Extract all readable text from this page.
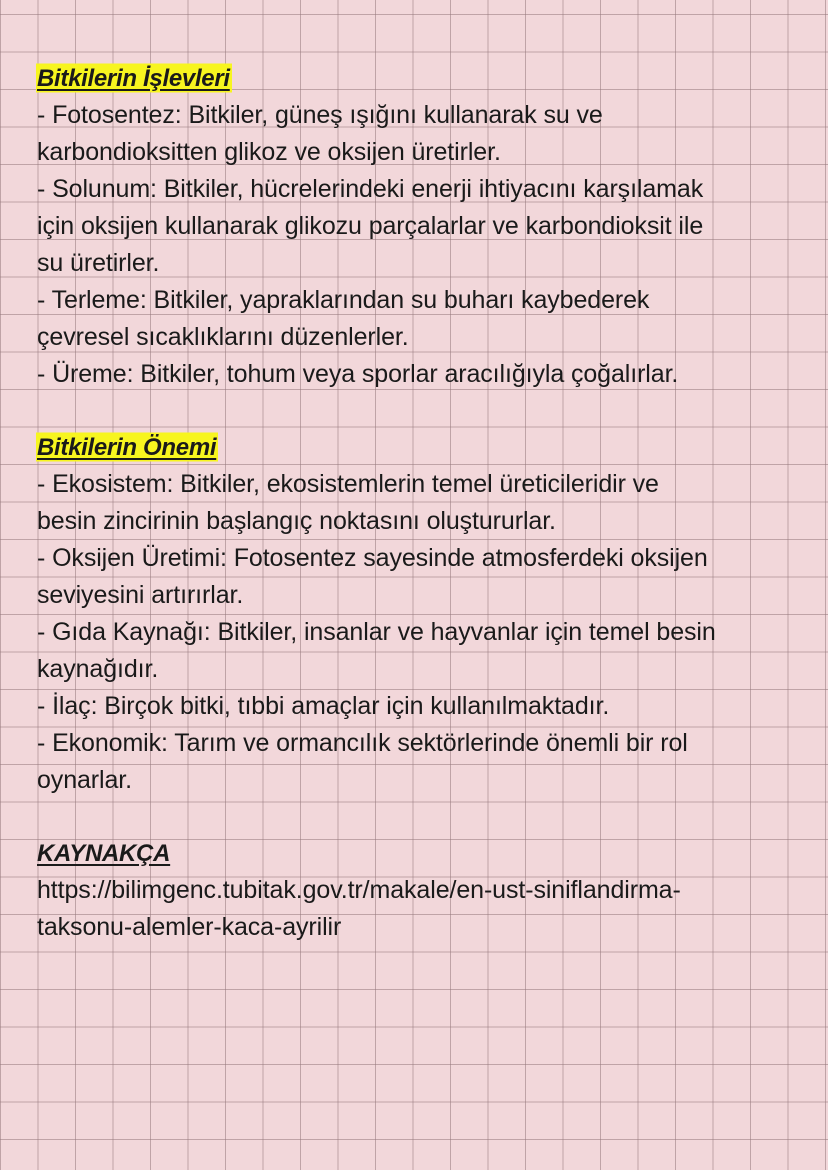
Bitkilerin İşlevleri
- Fotosentez: Bitkiler, güneş ışığını kullanarak su ve
karbondioksitten glikoz ve oksijen üretirler.
- Solunum: Bitkiler, hücrelerindeki enerji ihtiyacını karşılamak
için oksijen kullanarak glikozu parçalarlar ve karbondioksit ile
su üretirler.
- Terleme: Bitkiler, yapraklarından su buharı kaybederek
çevresel sıcaklıklarını düzenlerler.
- Üreme: Bitkiler, tohum veya sporlar aracılığıyla çoğalırlar.
Bitkilerin Önemi
- Ekosistem: Bitkiler, ekosistemlerin temel üreticileridir ve
besin zincirinin başlangıç noktasını oluştururlar.
- Oksijen Üretimi: Fotosentez sayesinde atmosferdeki oksijen
seviyesini artırırlar.
- Gıda Kaynağı: Bitkiler, insanlar ve hayvanlar için temel besin
kaynağıdır.
- İlaç: Birçok bitki, tıbbi amaçlar için kullanılmaktadır.
- Ekonomik: Tarım ve ormancılık sektörlerinde önemli bir rol
oynarlar.
KAYNAKÇA
https://bilimgenc.tubitak.gov.tr/makale/en-ust-siniflandirma-
taksonu-alemler-kaca-ayrilir
